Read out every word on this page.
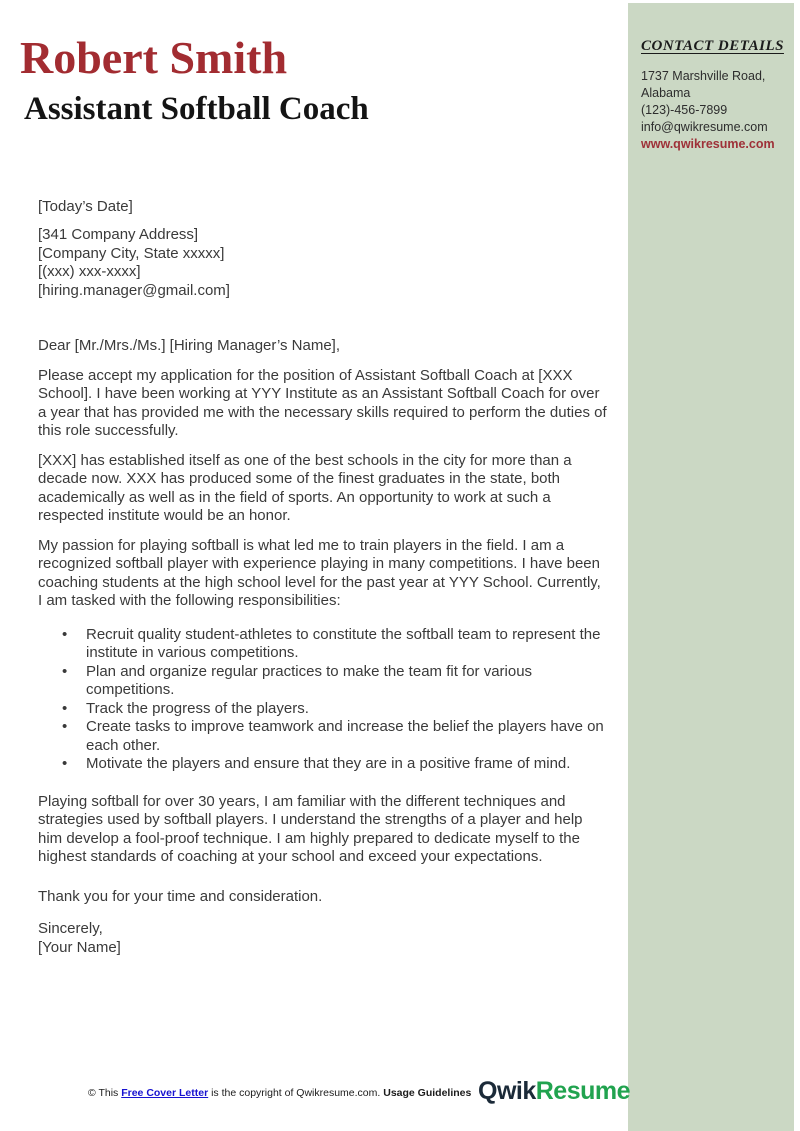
CONTACT DETAILS
1737 Marshville Road,
Alabama
(123)-456-7899
info@qwikresume.com
www.qwikresume.com
Robert Smith
Assistant Softball Coach

[Today’s Date]

[341 Company Address]
[Company City, State xxxxx]
[(xxx) xxx-xxxx]
[hiring.manager@gmail.com]

Dear [Mr./Mrs./Ms.] [Hiring Manager’s Name],

Please accept my application for the position of Assistant Softball Coach at [XXX School]. I have been working at YYY Institute as an Assistant Softball Coach for over a year that has provided me with the necessary skills required to perform the duties of this role successfully.

[XXX] has established itself as one of the best schools in the city for more than a decade now. XXX has produced some of the finest graduates in the state, both academically as well as in the field of sports. An opportunity to work at such a respected institute would be an honor.

My passion for playing softball is what led me to train players in the field. I am a recognized softball player with experience playing in many competitions. I have been coaching students at the high school level for the past year at YYY School. Currently, I am tasked with the following responsibilities:

• Recruit quality student-athletes to constitute the softball team to represent the institute in various competitions.
• Plan and organize regular practices to make the team fit for various competitions.
• Track the progress of the players.
• Create tasks to improve teamwork and increase the belief the players have on each other.
• Motivate the players and ensure that they are in a positive frame of mind.

Playing softball for over 30 years, I am familiar with the different techniques and strategies used by softball players. I understand the strengths of a player and help him develop a fool-proof technique. I am highly prepared to dedicate myself to the highest standards of coaching at your school and exceed your expectations.

Thank you for your time and consideration.

Sincerely,
[Your Name]

© This Free Cover Letter is the copyright of Qwikresume.com. Usage Guidelines QwikResume
